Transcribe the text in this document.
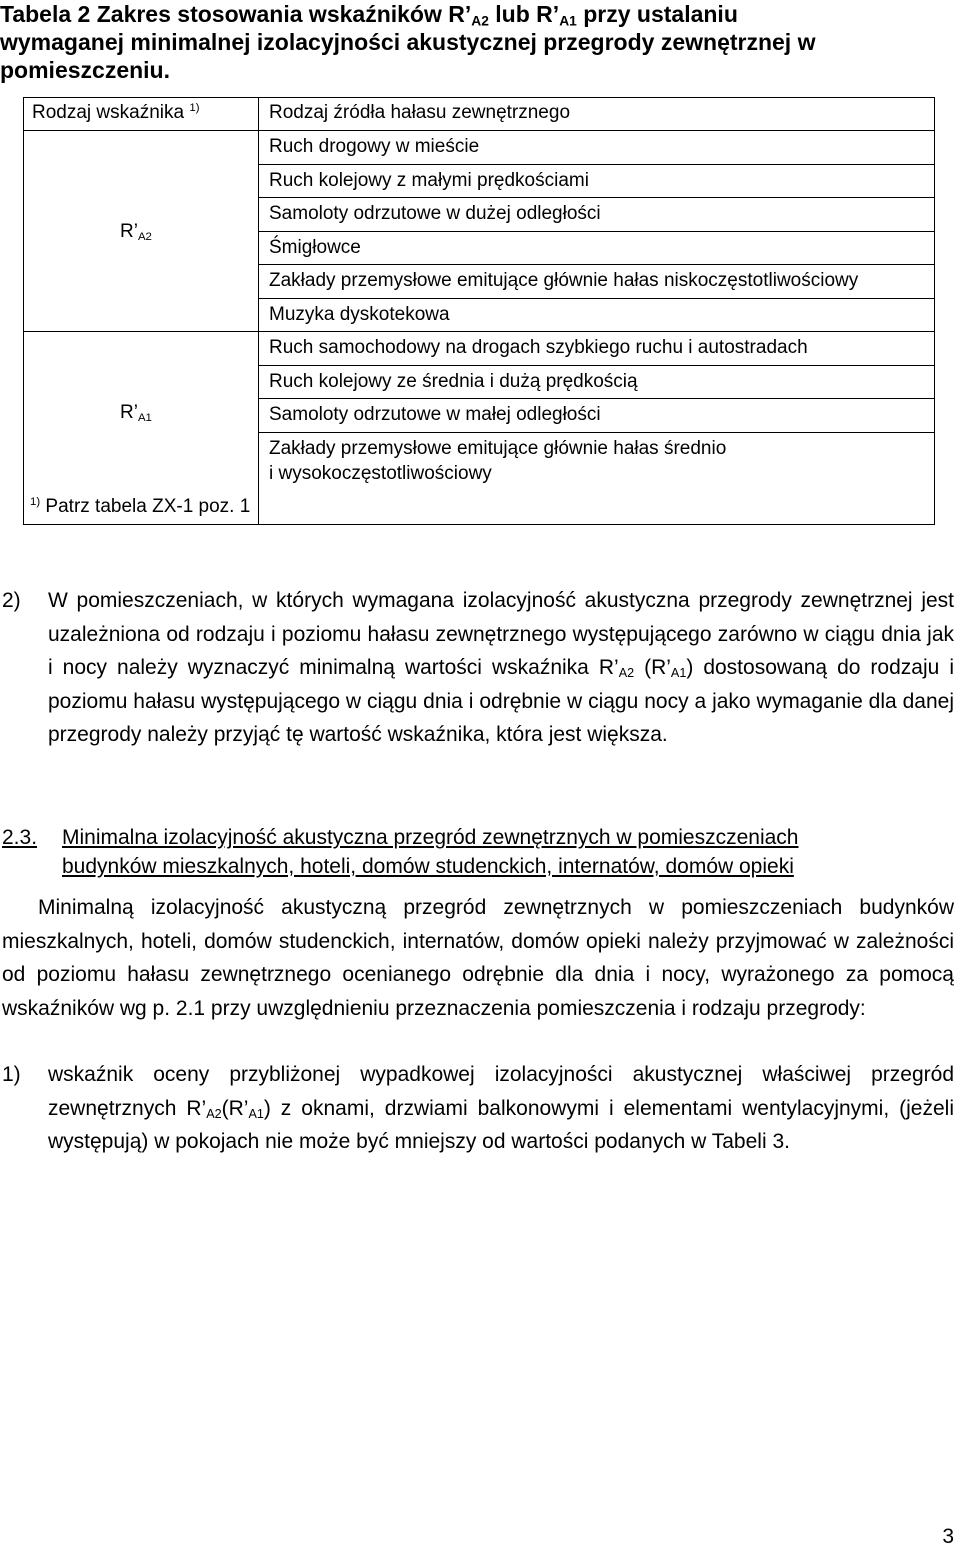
Tabela 2 Zakres stosowania wskaźników $R’_{A2}$ lub $R’_{A1}$ przy ustalaniu
wymaganej minimalnej izolacyjności akustycznej przegrody zewnętrznej w
pomieszczeniu.
Rodzaj wskaźnika $^{1)}$	Rodzaj źródła hałasu zewnętrznego
$R’_{A2}$
$R’_{A1}$
Ruch drogowy w mieście
Ruch kolejowy z małymi prędkościami
Samoloty odrzutowe w dużej odległości
Śmigłowce
Zakłady przemysłowe emitujące głównie hałas niskoczęstotliwościowy
Muzyka dyskotekowa
Ruch samochodowy na drogach szybkiego ruchu i autostradach
Ruch kolejowy ze średnia i dużą prędkością
Samoloty odrzutowe w małej odległości
Zakłady przemysłowe emitujące głównie hałas średnio
i wysokoczęstotliwościowy
$^{1)}$ Patrz tabela ZX-1 poz. 1
2) W pomieszczeniach, w których wymagana izolacyjność akustyczna przegrody zewnętrznej jest uzależniona od rodzaju i poziomu hałasu zewnętrznego występującego zarówno w ciągu dnia jak i nocy należy wyznaczyć minimalną wartości wskaźnika $R’_{A2}$ $(R’_{A1})$ dostosowaną do rodzaju i poziomu hałasu występującego w ciągu dnia i odrębnie w ciągu nocy a jako wymaganie dla danej przegrody należy przyjąć tę wartość wskaźnika, która jest większa.
2.3. Minimalna izolacyjność akustyczna przegród zewnętrznych w pomieszczeniach
budynków mieszkalnych, hoteli, domów studenckich, internatów, domów opieki
Minimalną izolacyjność akustyczną przegród zewnętrznych w pomieszczeniach budynków mieszkalnych, hoteli, domów studenckich, internatów, domów opieki należy przyjmować w zależności od poziomu hałasu zewnętrznego ocenianego odrębnie dla dnia i nocy, wyrażonego za pomocą wskaźników wg p. 2.1 przy uwzględnieniu przeznaczenia pomieszczenia i rodzaju przegrody:
1) wskaźnik oceny przybliżonej wypadkowej izolacyjności akustycznej właściwej przegród zewnętrznych $R’_{A2}(R’_{A1})$ z oknami, drzwiami balkonowymi i elementami wentylacyjnymi, (jeżeli występują) w pokojach nie może być mniejszy od wartości podanych w Tabeli 3.
3
